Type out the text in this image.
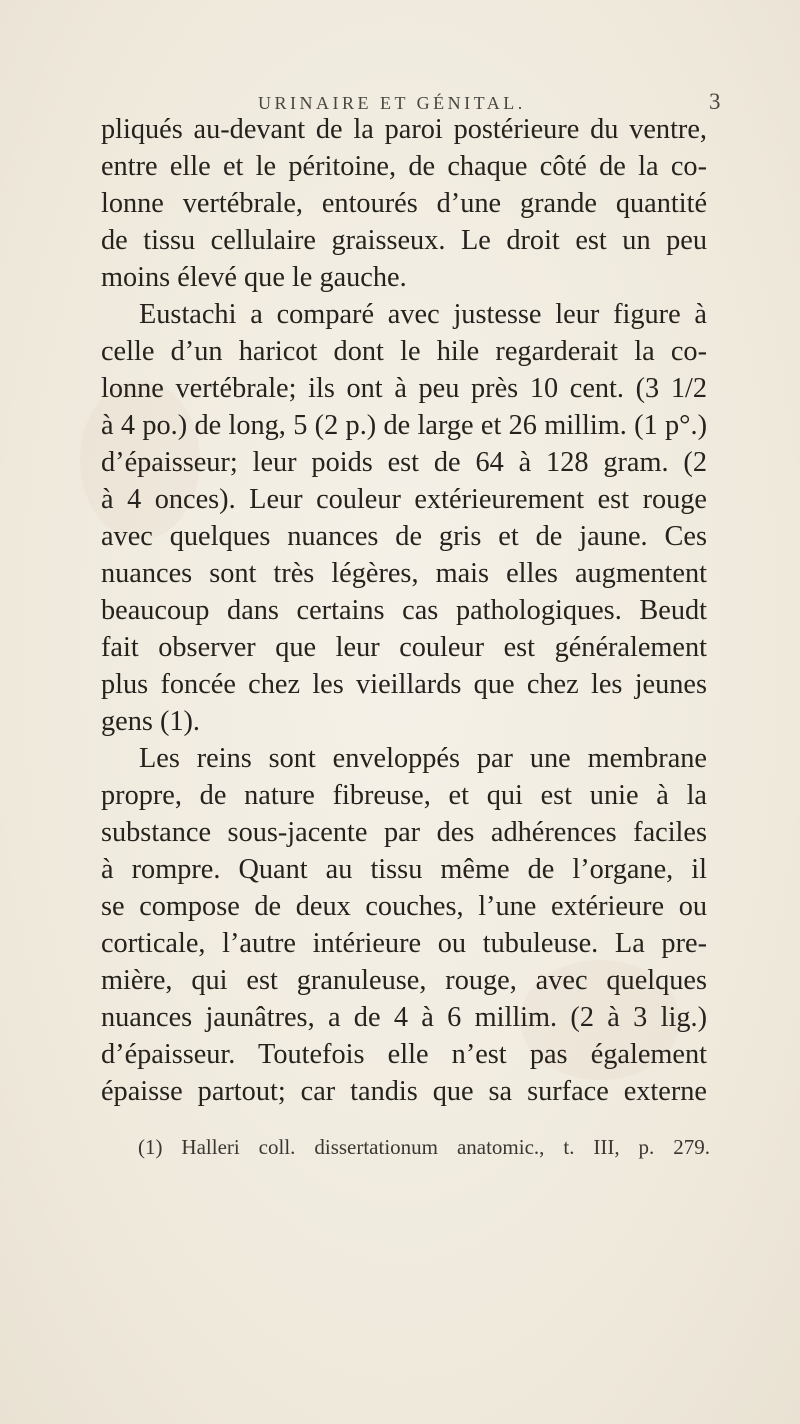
URINAIRE ET GÉNITAL.	3
pliqués au-devant de la paroi postérieure du ventre,
entre elle et le péritoine, de chaque côté de la co-
lonne vertébrale, entourés d’une grande quantité
de tissu cellulaire graisseux. Le droit est un peu
moins élevé que le gauche.
Eustachi a comparé avec justesse leur figure à
celle d’un haricot dont le hile regarderait la co-
lonne vertébrale; ils ont à peu près 10 cent. (3 1/2
à 4 po.) de long, 5 (2 p.) de large et 26 millim. (1 p°.)
d’épaisseur; leur poids est de 64 à 128 gram. (2
à 4 onces). Leur couleur extérieurement est rouge
avec quelques nuances de gris et de jaune. Ces
nuances sont très légères, mais elles augmentent
beaucoup dans certains cas pathologiques. Beudt
fait observer que leur couleur est généralement
plus foncée chez les vieillards que chez les jeunes
gens (1).
Les reins sont enveloppés par une membrane
propre, de nature fibreuse, et qui est unie à la
substance sous-jacente par des adhérences faciles
à rompre. Quant au tissu même de l’organe, il
se compose de deux couches, l’une extérieure ou
corticale, l’autre intérieure ou tubuleuse. La pre-
mière, qui est granuleuse, rouge, avec quelques
nuances jaunâtres, a de 4 à 6 millim. (2 à 3 lig.)
d’épaisseur. Toutefois elle n’est pas également
épaisse partout; car tandis que sa surface externe
(1) Halleri coll. dissertationum anatomic., t. III, p. 279.
